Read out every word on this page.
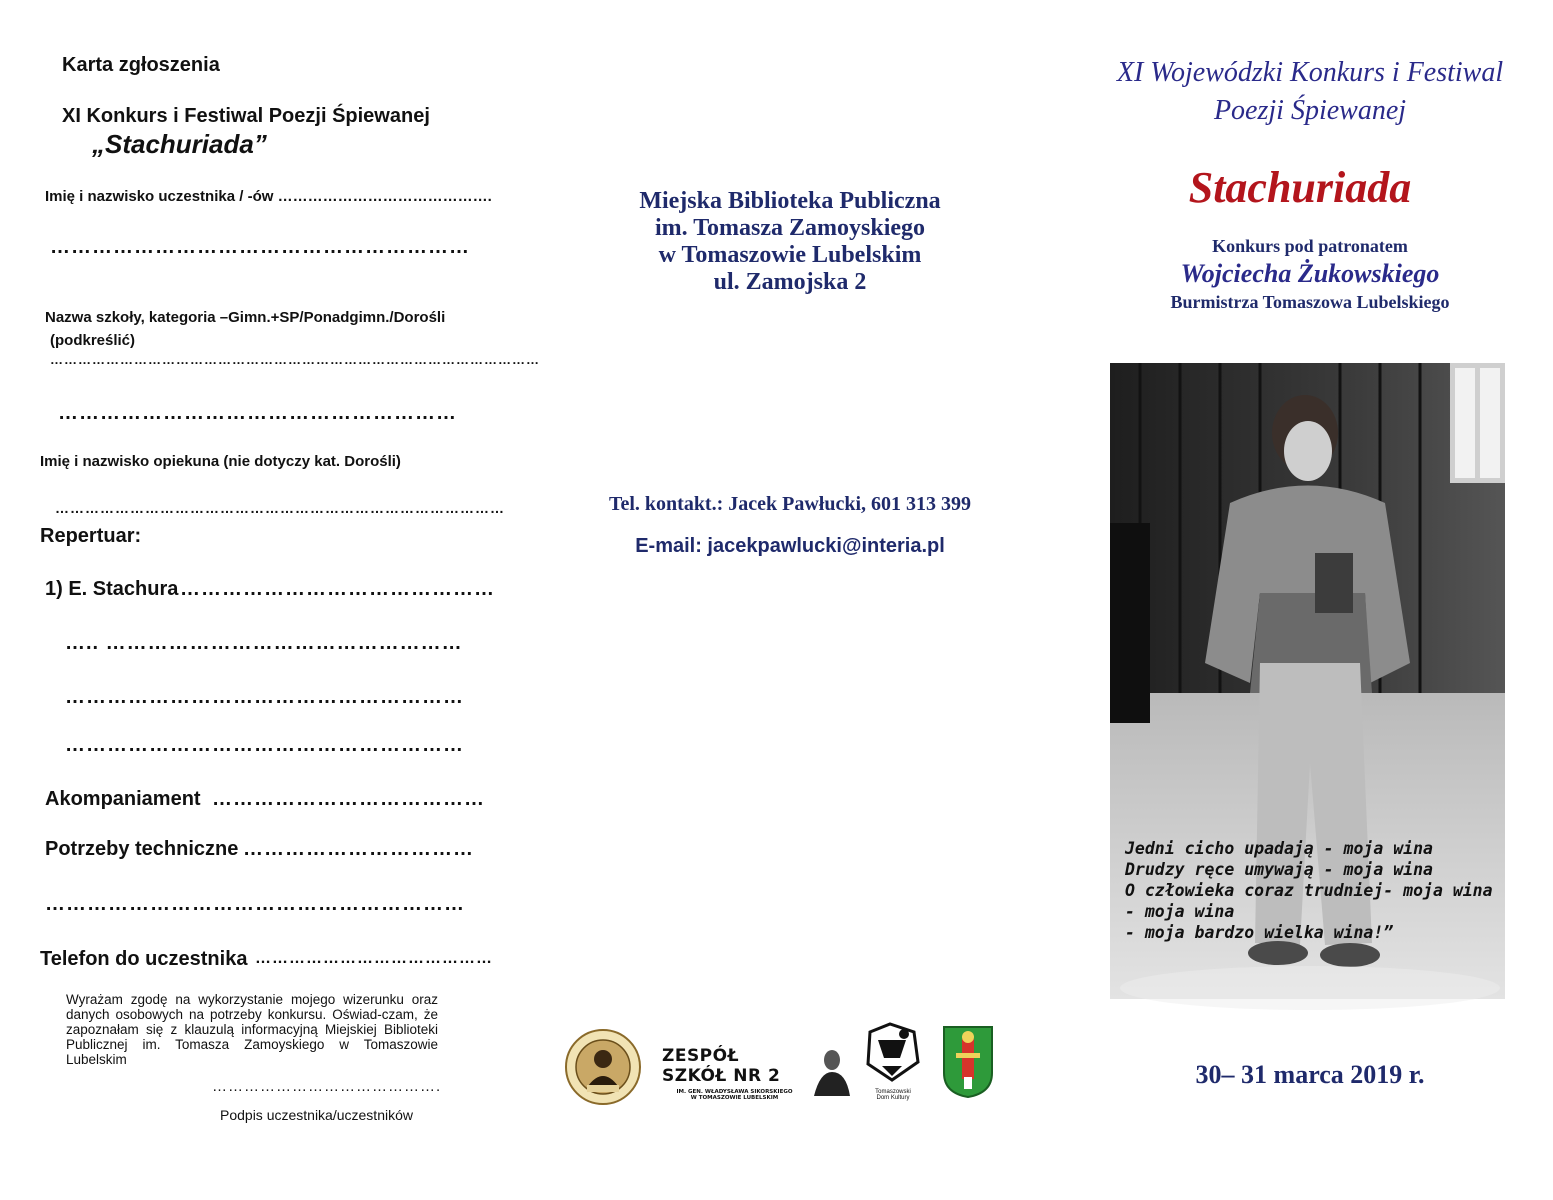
Karta zgłoszenia
XI Konkurs i Festiwal Poezji Śpiewanej
„Stachuriada”
Imię i nazwisko uczestnika / -ów …………………………………….
……………………………………………………
Nazwa szkoły, kategoria –Gimn.+SP/Ponadgimn./Dorośli
(podkreślić)
……………………………………………………………………………………………
…………………………………………………
Imię i nazwisko opiekuna (nie dotyczy kat. Dorośli)
………………………………………………………………………………
Repertuar:
1) E. Stachura ………………………………………
….. ……………………………………………
…………………………………………………
…………………………………………………
Akompaniament …………………………………
Potrzeby techniczne ……………………………
……………………………………………………
Telefon do uczestnika ……………………………………
Wyrażam zgodę na wykorzystanie mojego wizerunku oraz danych osobowych na potrzeby konkursu. Oświad-czam, że zapoznałam się z klauzulą informacyjną Miejskiej Biblioteki Publicznej im. Tomasza Zamoyskiego w Tomaszowie Lubelskim
…………………………………….
Podpis uczestnika/uczestników
Miejska Biblioteka Publiczna
im. Tomasza Zamoyskiego
w Tomaszowie Lubelskim
ul. Zamojska 2
Tel. kontakt.: Jacek Pawłucki, 601 313 399
E-mail: jacekpawlucki@interia.pl
ZESPÓŁ SZKÓŁ NR 2
IM. GEN. WŁADYSŁAWA SIKORSKIEGO
W TOMASZOWIE LUBELSKIM
Tomaszowski
Dom Kultury
XI Wojewódzki Konkurs i Festiwal
Poezji Śpiewanej
Stachuriada
Konkurs pod patronatem
Wojciecha Żukowskiego
Burmistrza Tomaszowa Lubelskiego
Jedni cicho upadają - moja wina
Drudzy ręce umywają - moja wina
O człowieka coraz trudniej- moja wina
- moja wina
- moja bardzo wielka wina!”
30– 31 marca 2019 r.
